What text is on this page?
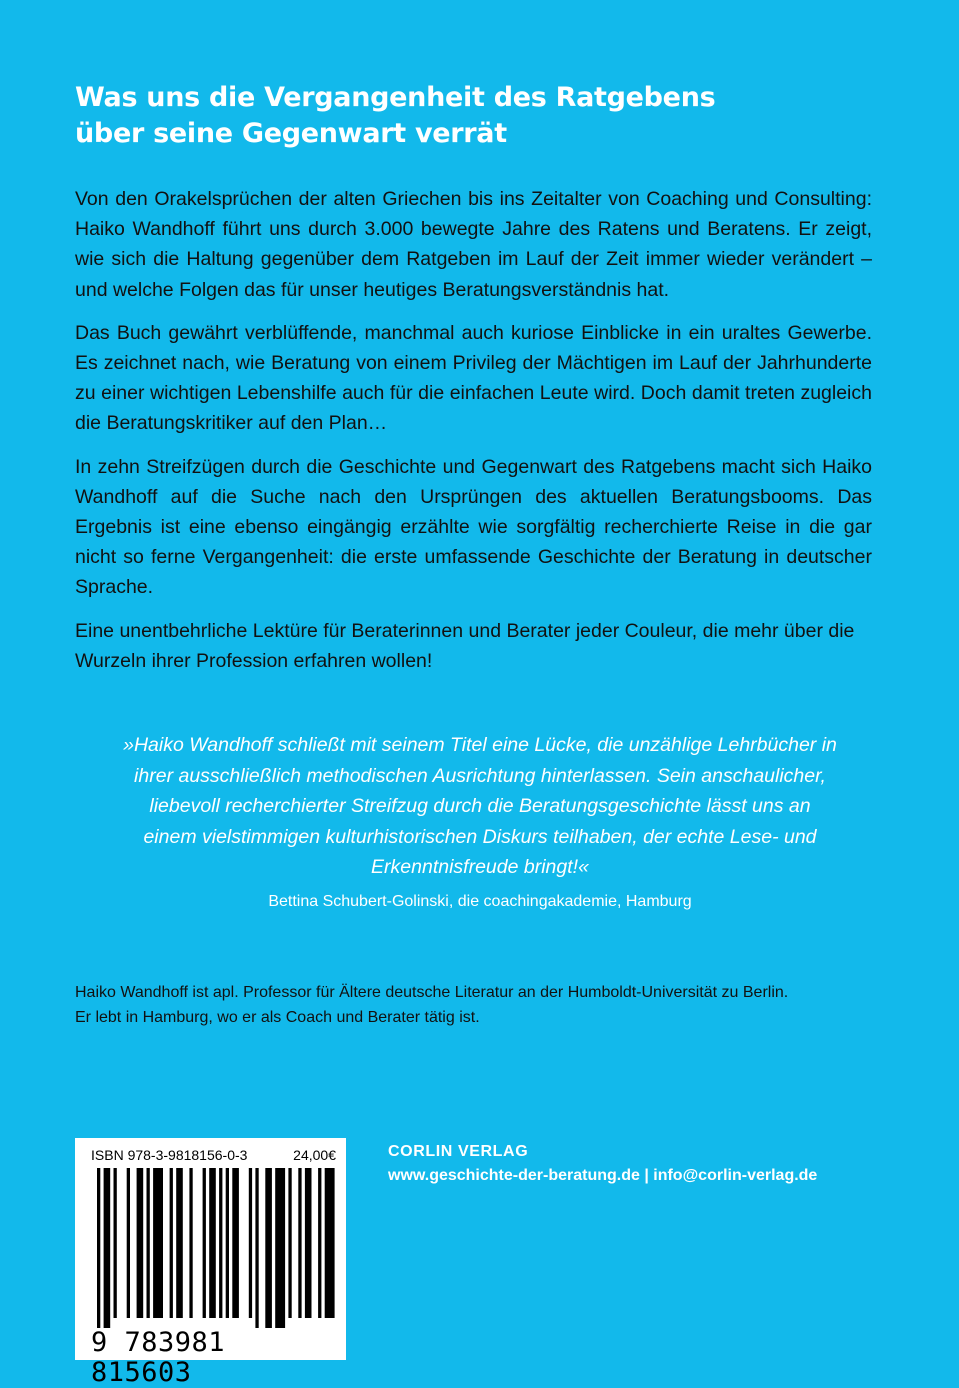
Was uns die Vergangenheit des Ratgebens
über seine Gegenwart verrät

Von den Orakelsprüchen der alten Griechen bis ins Zeitalter von Coaching und Consulting: Haiko Wandhoff führt uns durch 3.000 bewegte Jahre des Ratens und Beratens. Er zeigt, wie sich die Haltung gegenüber dem Ratgeben im Lauf der Zeit immer wieder verändert – und welche Folgen das für unser heutiges Beratungsverständnis hat.

Das Buch gewährt verblüffende, manchmal auch kuriose Einblicke in ein uraltes Gewerbe. Es zeichnet nach, wie Beratung von einem Privileg der Mächtigen im Lauf der Jahrhunderte zu einer wichtigen Lebenshilfe auch für die einfachen Leute wird. Doch damit treten zugleich die Beratungskritiker auf den Plan…

In zehn Streifzügen durch die Geschichte und Gegenwart des Ratgebens macht sich Haiko Wandhoff auf die Suche nach den Ursprüngen des aktuellen Beratungsbooms. Das Ergebnis ist eine ebenso eingängig erzählte wie sorgfältig recherchierte Reise in die gar nicht so ferne Vergangenheit: die erste umfassende Geschichte der Beratung in deutscher Sprache.

Eine unentbehrliche Lektüre für Beraterinnen und Berater jeder Couleur, die mehr über die Wurzeln ihrer Profession erfahren wollen!

»Haiko Wandhoff schließt mit seinem Titel eine Lücke, die unzählige Lehrbücher in
ihrer ausschließlich methodischen Ausrichtung hinterlassen. Sein anschaulicher,
liebevoll recherchierter Streifzug durch die Beratungsgeschichte lässt uns an
einem vielstimmigen kulturhistorischen Diskurs teilhaben, der echte Lese- und
Erkenntnisfreude bringt!«

Bettina Schubert-Golinski, die coachingakademie, Hamburg

Haiko Wandhoff ist apl. Professor für Ältere deutsche Literatur an der Humboldt-Universität zu Berlin.
Er lebt in Hamburg, wo er als Coach und Berater tätig ist.

ISBN 978-3-9818156-0-3	24,00€
9 783981 815603
CORLIN VERLAG
www.geschichte-der-beratung.de | info@corlin-verlag.de
